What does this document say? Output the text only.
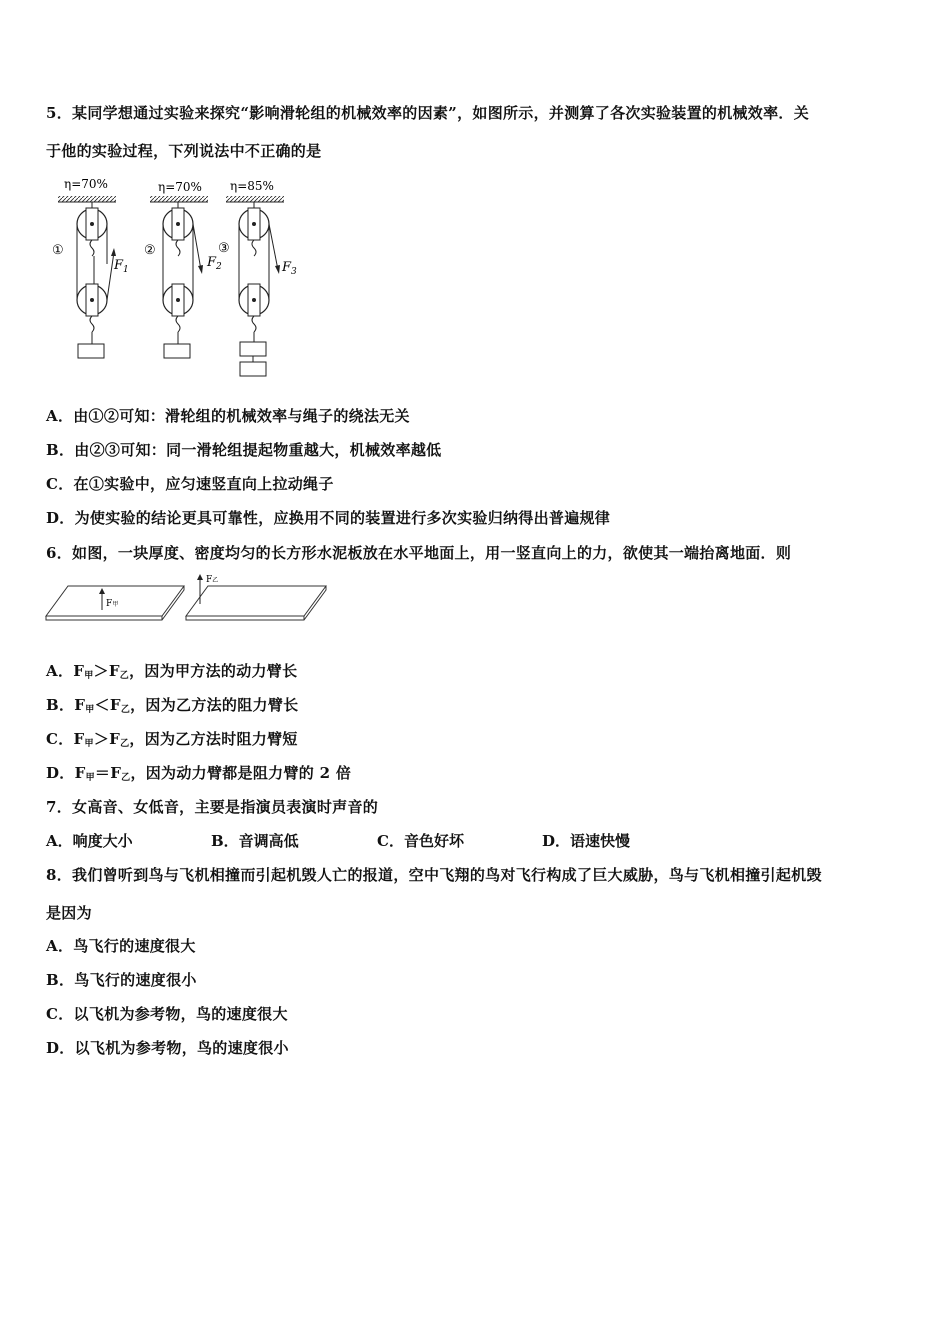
5．某同学想通过实验来探究“影响滑轮组的机械效率的因素”，如图所示，并测算了各次实验装置的机械效率．关
于他的实验过程，下列说法中不正确的是
η=70%	η=70% η=85%
①
$F_1$
②
$F_2$
③
$F_3$
A．由①②可知：滑轮组的机械效率与绳子的绕法无关
B．由②③可知：同一滑轮组提起物重越大，机械效率越低
C．在①实验中，应匀速竖直向上拉动绳子
D．为使实验的结论更具可靠性，应换用不同的装置进行多次实验归纳得出普遍规律
6．如图，一块厚度、密度均匀的长方形水泥板放在水平地面上，用一竖直向上的力，欲使其一端抬离地面．则
F甲
F乙
A．$F_甲>F_乙$，因为甲方法的动力臂长
B．$F_甲<F_乙$，因为乙方法的阻力臂长
C．$F_甲>F_乙$，因为乙方法时阻力臂短
D．$F_甲=F_乙$，因为动力臂都是阻力臂的 2 倍
7．女高音、女低音，主要是指演员表演时声音的
A．响度大小	B．音调高低	C．音色好坏	D．语速快慢
8．我们曾听到鸟与飞机相撞而引起机毁人亡的报道，空中飞翔的鸟对飞行构成了巨大威胁，鸟与飞机相撞引起机毁
是因为
A．鸟飞行的速度很大
B．鸟飞行的速度很小
C．以飞机为参考物，鸟的速度很大
D．以飞机为参考物，鸟的速度很小
